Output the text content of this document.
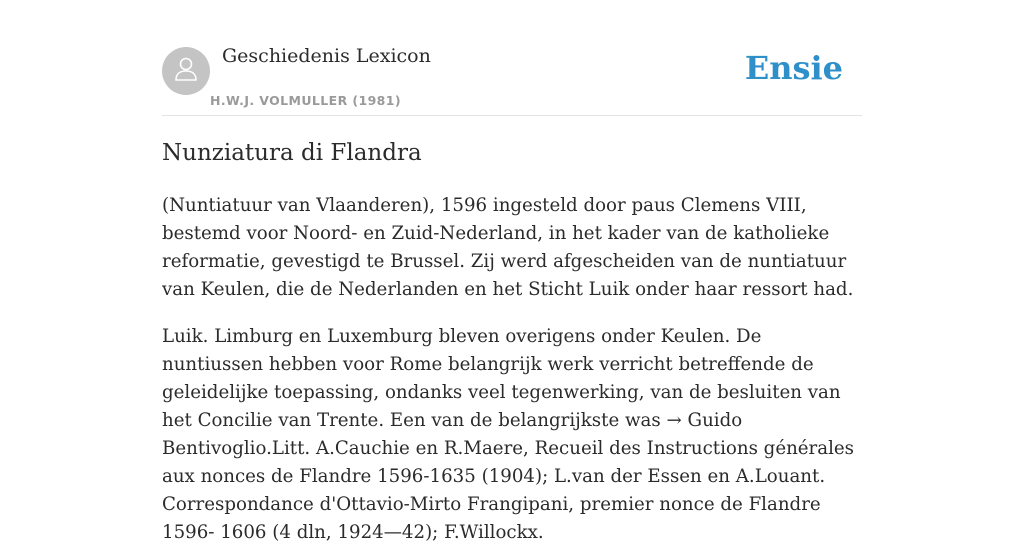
Geschiedenis Lexicon
H.W.J. VOLMULLER (1981)
Ensie
Nunziatura di Flandra

(Nuntiatuur van Vlaanderen), 1596 ingesteld door paus Clemens VIII, bestemd voor Noord- en Zuid-Nederland, in het kader van de katholieke reformatie, gevestigd te Brussel. Zij werd afgescheiden van de nuntiatuur van Keulen, die de Nederlanden en het Sticht Luik onder haar ressort had.

Luik. Limburg en Luxemburg bleven overigens onder Keulen. De nuntiussen hebben voor Rome belangrijk werk verricht betreffende de geleidelijke toepassing, ondanks veel tegenwerking, van de besluiten van het Concilie van Trente. Een van de belangrijkste was → Guido Bentivoglio.Litt. A.Cauchie en R.Maere, Recueil des Instructions générales aux nonces de Flandre 1596-1635 (1904); L.van der Essen en A.Louant. Correspondance d'Ottavio-Mirto Frangipani, premier nonce de Flandre 1596- 1606 (4 dln, 1924—42); F.Willockx.
